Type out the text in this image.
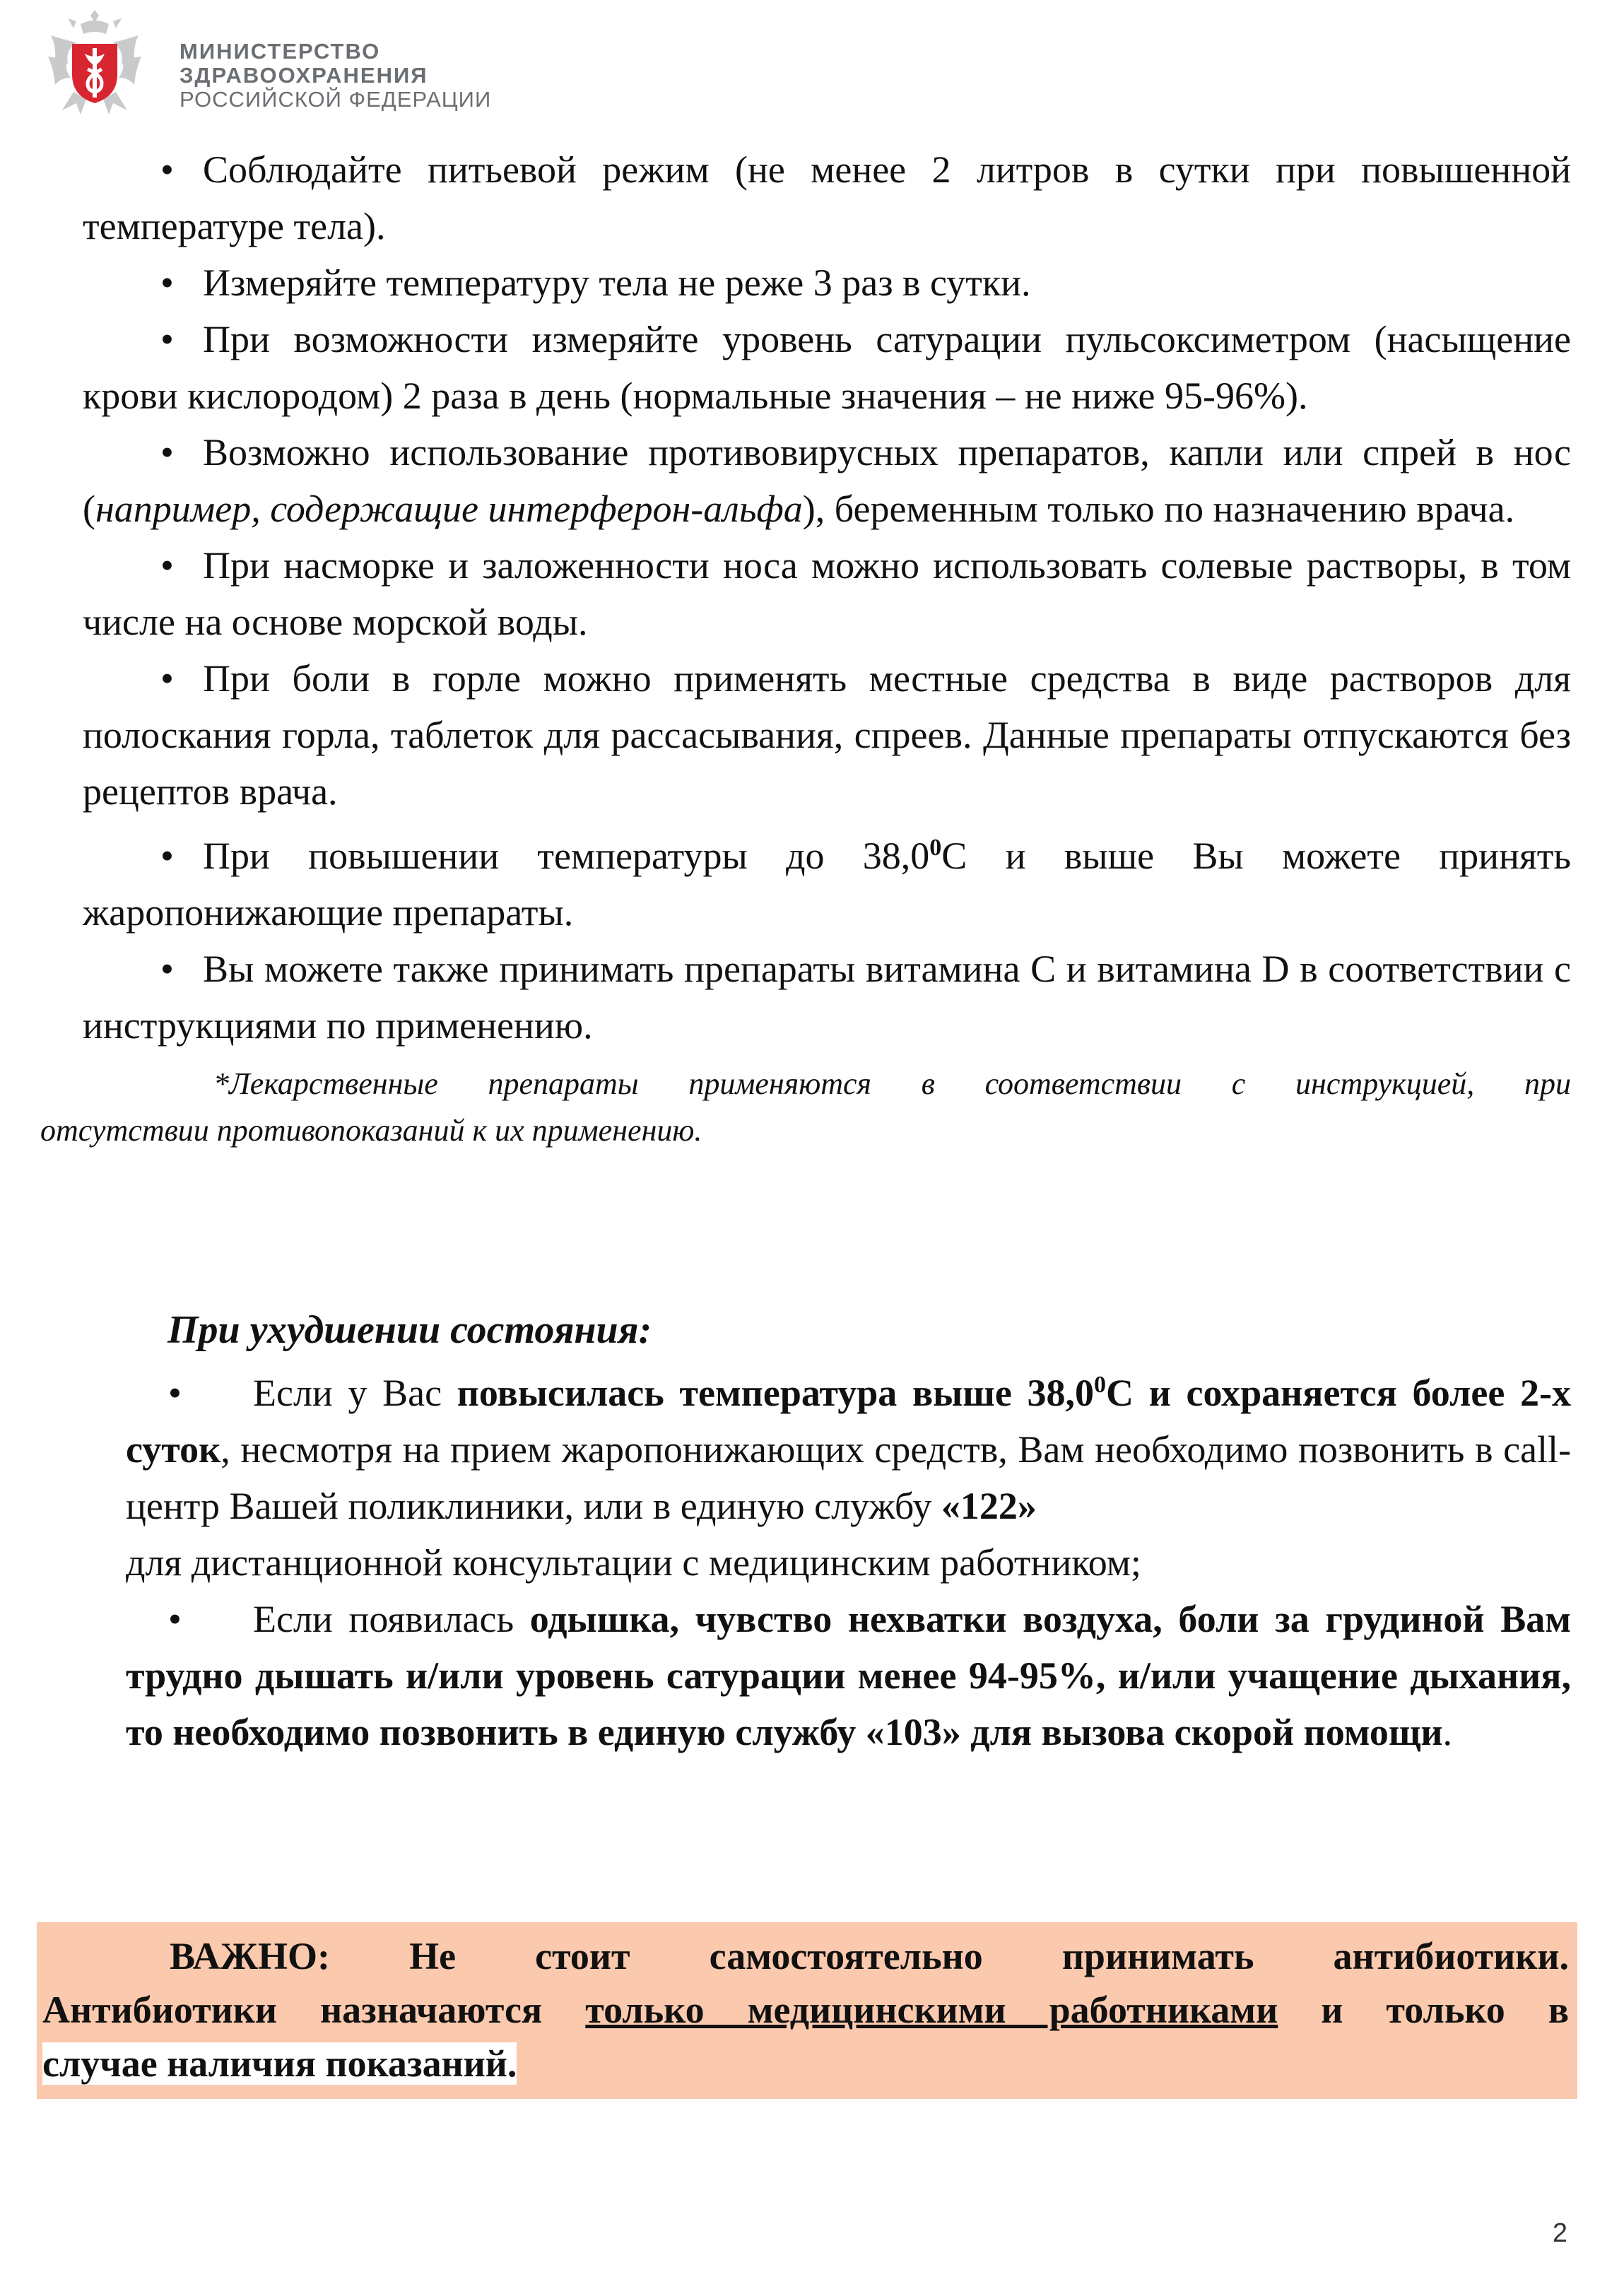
МИНИСТЕРСТВО
ЗДРАВООХРАНЕНИЯ
РОССИЙСКОЙ ФЕДЕРАЦИИ

• Соблюдайте питьевой режим (не менее 2 литров в сутки при повышенной температуре тела).

• Измеряйте температуру тела не реже 3 раз в сутки.

• При возможности измеряйте уровень сатурации пульсоксиметром (насыщение крови кислородом) 2 раза в день (нормальные значения – не ниже 95-96%).

• Возможно использование противовирусных препаратов, капли или спрей в нос (например, содержащие интерферон-альфа), беременным только по назначению врача.

• При насморке и заложенности носа можно использовать солевые растворы, в том числе на основе морской воды.

• При боли в горле можно применять местные средства в виде растворов для полоскания горла, таблеток для рассасывания, спреев. Данные препараты отпускаются без рецептов врача.

• При повышении температуры до 38,0$^0$С и выше Вы можете принять жаропонижающие препараты.

• Вы можете также принимать препараты витамина С и витамина D в соответствии с инструкциями по применению.

*Лекарственные препараты применяются в соответствии с инструкцией, при
отсутствии противопоказаний к их применению.
При ухудшении состояния:
• Если у Вас повысилась температура выше 38,0$^0$С и сохраняется более 2-х суток, несмотря на прием жаропонижающих средств, Вам необходимо позвонить в call-центр Вашей поликлиники, или в единую службу «122»
для дистанционной консультации с медицинским работником;
• Если появилась одышка, чувство нехватки воздуха, боли за грудиной Вам трудно дышать и/или уровень сатурации менее 94-95%, и/или учащение дыхания, то необходимо позвонить в единую службу «103» для вызова скорой помощи.
ВАЖНО: Не стоит самостоятельно принимать антибиотики.
Антибиотики назначаются только медицинскими работниками и только в
случае наличия показаний.
2
